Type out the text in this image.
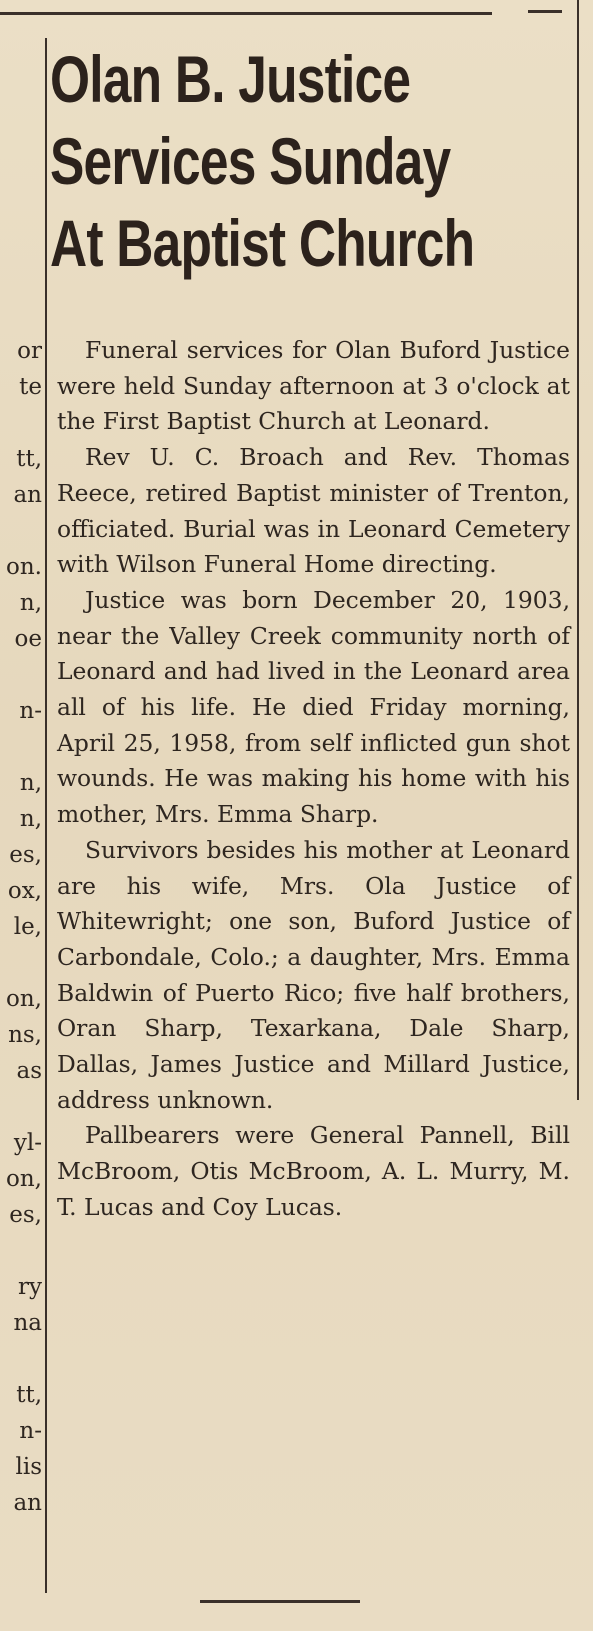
or
te
tt,
an
on.
n,
oe
n-
n,
n,
es,
ox,
le,
on,
ns,
as
yl-
on,
es,
ry
na
tt,
n-
lis
an
Olan B. Justice
Services Sunday
At Baptist Church

Funeral services for Olan Buford Justice were held Sunday afternoon at 3 o'clock at the First Baptist Church at Leonard.

Rev U. C. Broach and Rev. Thomas Reece, retired Baptist minister of Trenton, officiated. Burial was in Leonard Cemetery with Wilson Funeral Home directing.

Justice was born December 20, 1903, near the Valley Creek community north of Leonard and had lived in the Leonard area all of his life. He died Friday morning, April 25, 1958, from self inflicted gun shot wounds. He was making his home with his mother, Mrs. Emma Sharp.

Survivors besides his mother at Leonard are his wife, Mrs. Ola Justice of Whitewright; one son, Buford Justice of Carbondale, Colo.; a daughter, Mrs. Emma Baldwin of Puerto Rico; five half brothers, Oran Sharp, Texarkana, Dale Sharp, Dallas, James Justice and Millard Justice, address unknown.

Pallbearers were General Pannell, Bill McBroom, Otis McBroom, A. L. Murry, M. T. Lucas and Coy Lucas.
